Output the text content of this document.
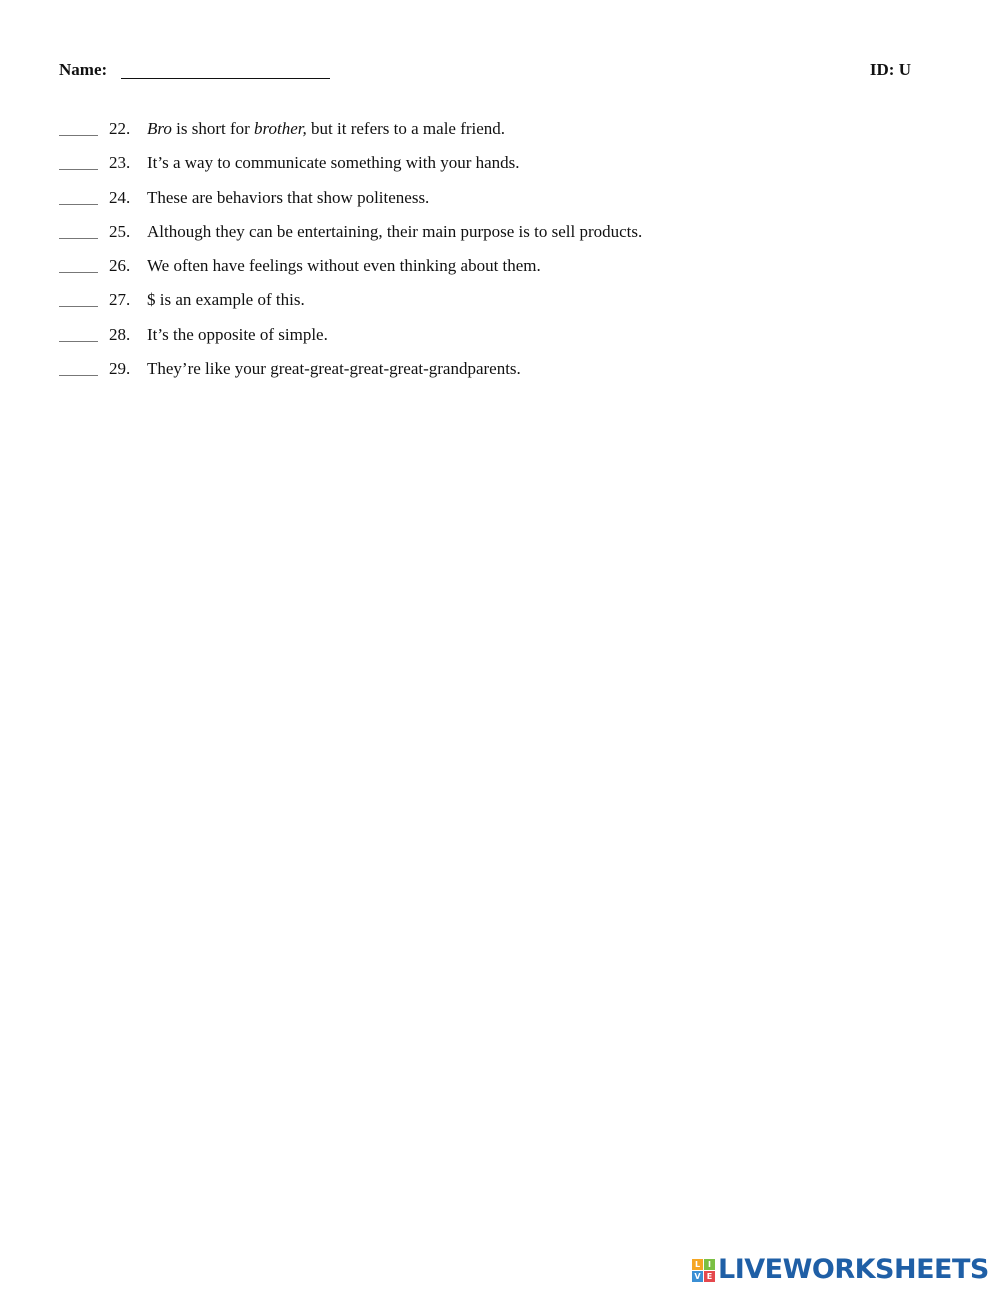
Name:	ID: U
22. Bro is short for brother, but it refers to a male friend.
23. It’s a way to communicate something with your hands.
24. These are behaviors that show politeness.
25. Although they can be entertaining, their main purpose is to sell products.
26. We often have feelings without even thinking about them.
27. $ is an example of this.
28. It’s the opposite of simple.
29. They’re like your great-great-great-great-grandparents.
L I
V E LIVEWORKSHEETS
